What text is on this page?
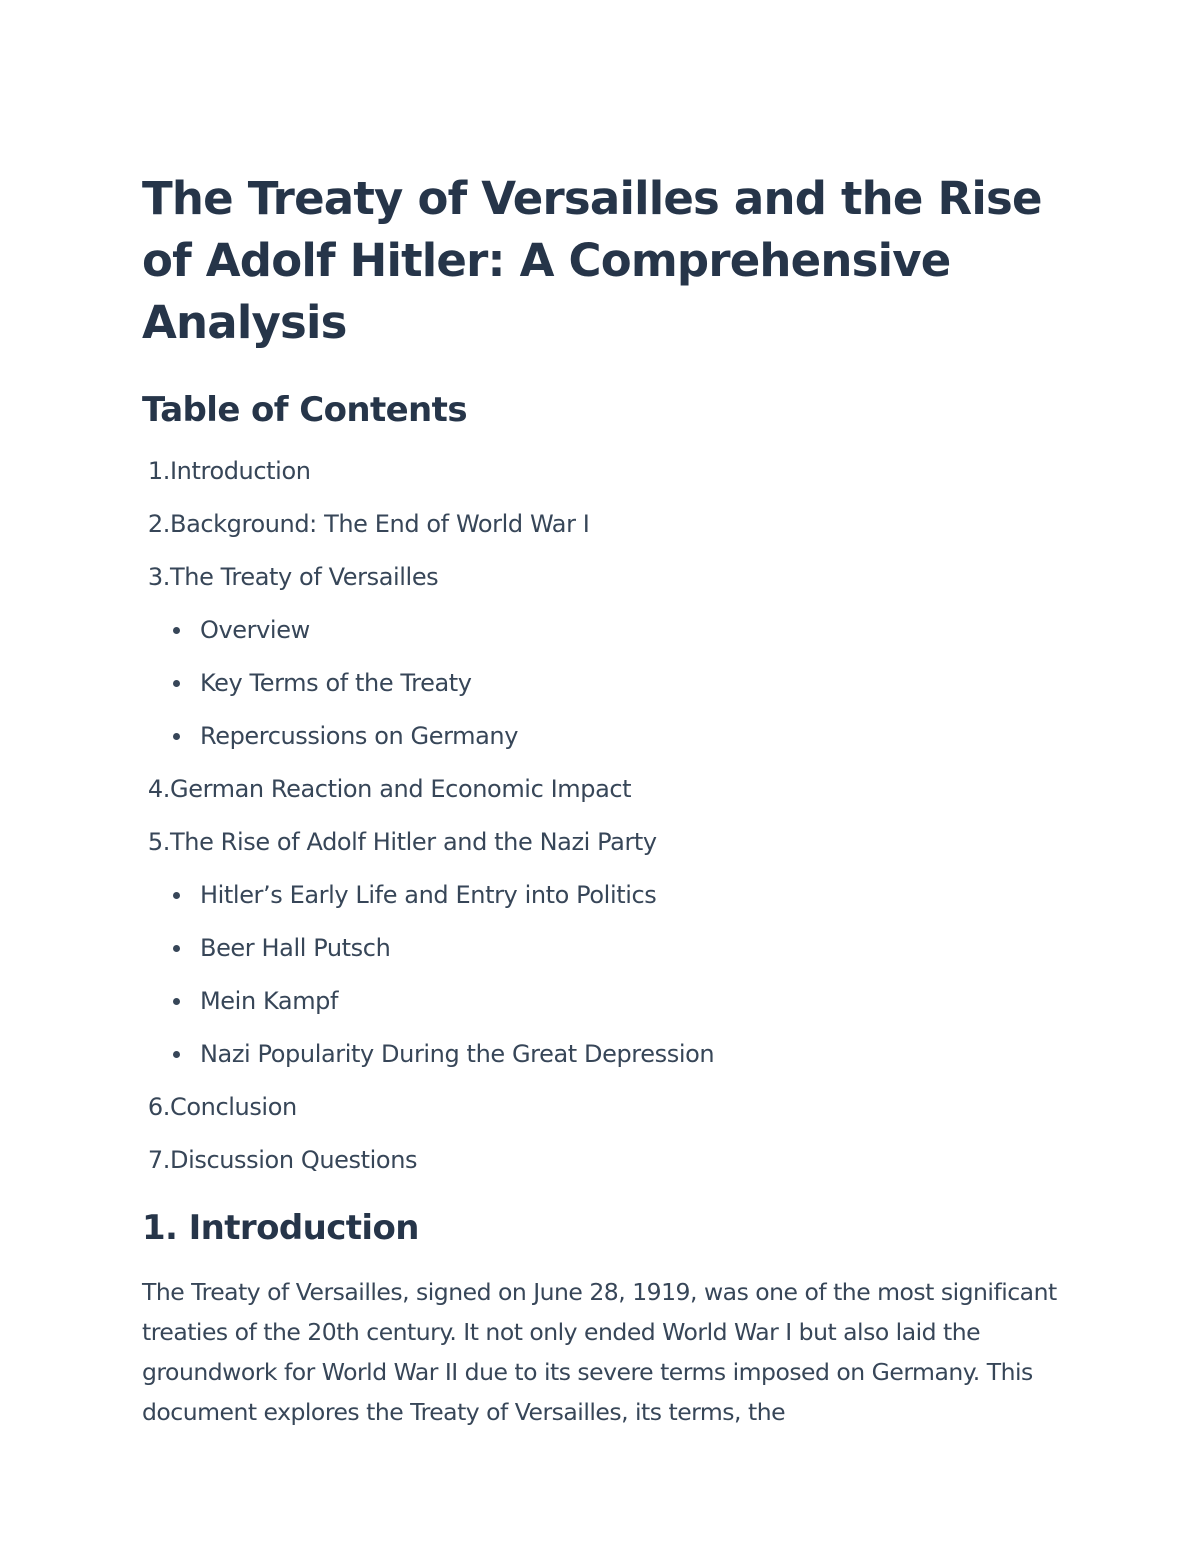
The Treaty of Versailles and the Rise of Adolf Hitler: A Comprehensive Analysis
Table of Contents
1. Introduction
2. Background: The End of World War I
3. The Treaty of Versailles
Overview
Key Terms of the Treaty
Repercussions on Germany
4. German Reaction and Economic Impact
5. The Rise of Adolf Hitler and the Nazi Party
Hitler’s Early Life and Entry into Politics
Beer Hall Putsch
Mein Kampf
Nazi Popularity During the Great Depression
6. Conclusion
7. Discussion Questions
1. Introduction

The Treaty of Versailles, signed on June 28, 1919, was one of the most significant treaties of the 20th century. It not only ended World War I but also laid the groundwork for World War II due to its severe terms imposed on Germany. This document explores the Treaty of Versailles, its terms, the
